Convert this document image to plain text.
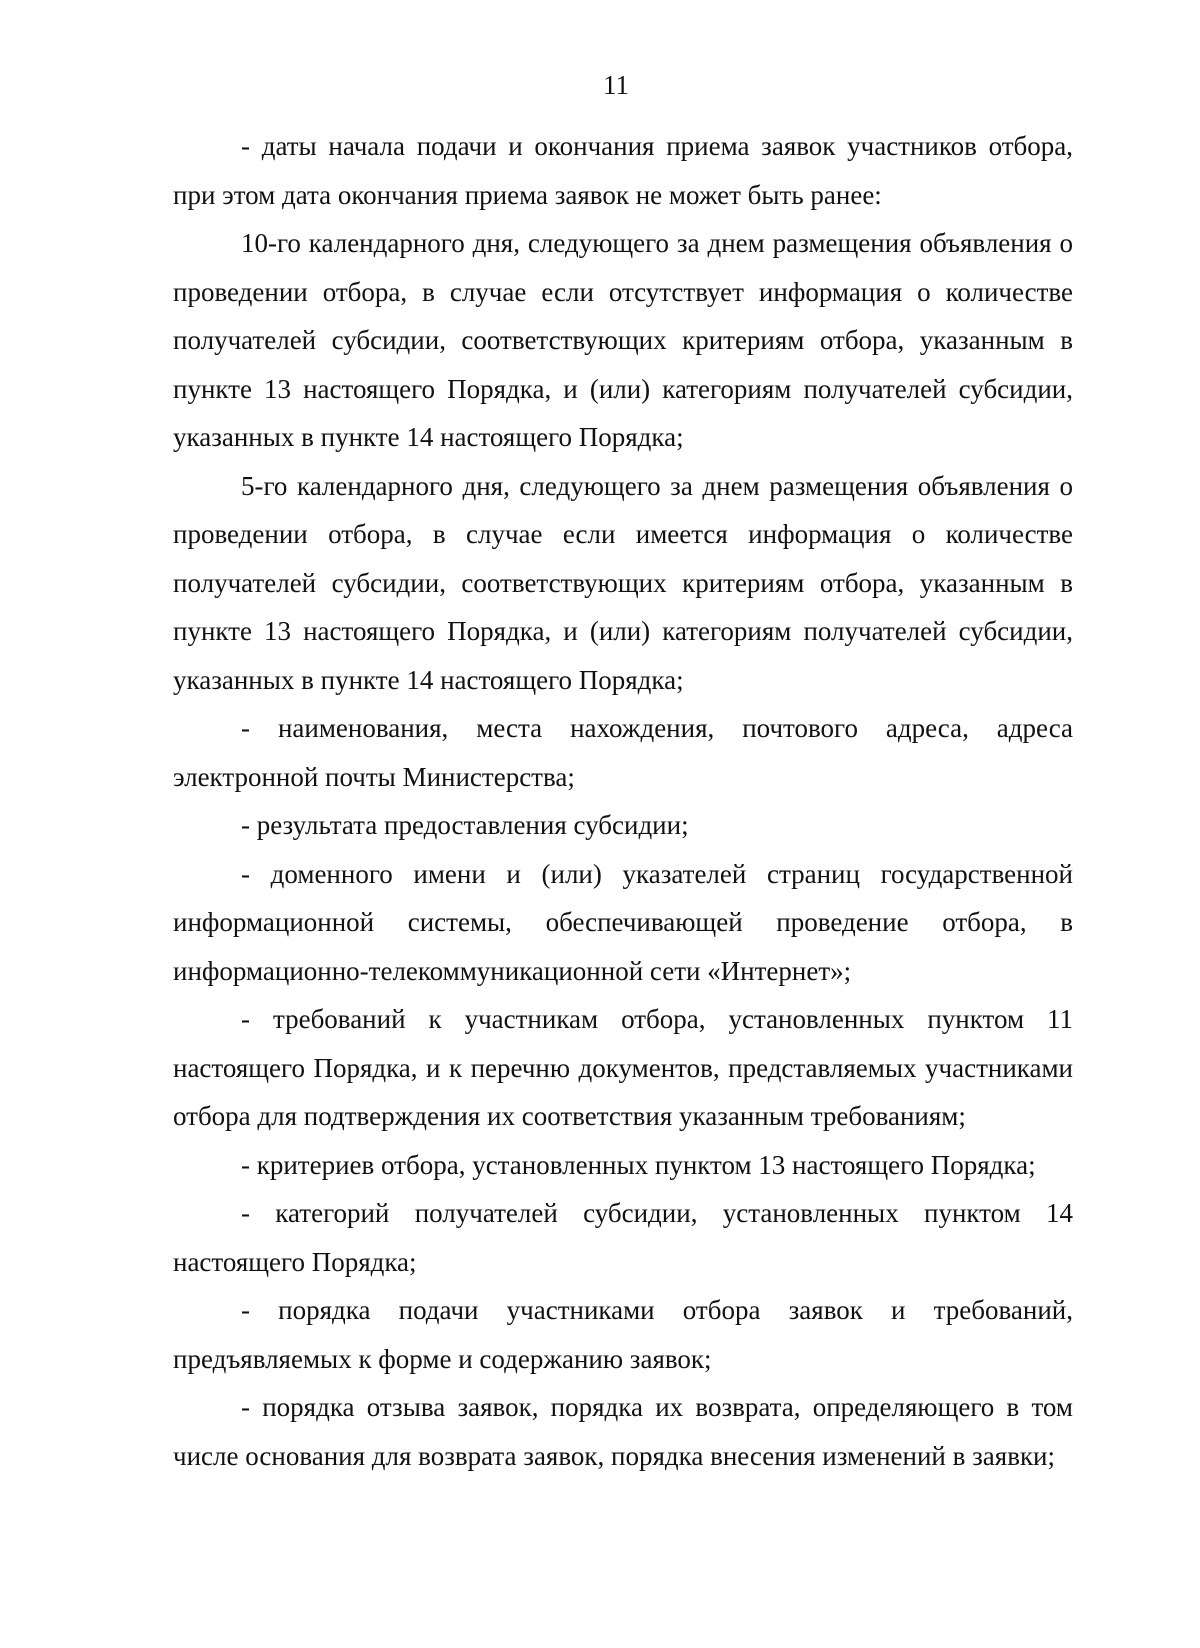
11

- даты начала подачи и окончания приема заявок участников отбора, при этом дата окончания приема заявок не может быть ранее:

10-го календарного дня, следующего за днем размещения объявления о проведении отбора, в случае если отсутствует информация о количестве получателей субсидии, соответствующих критериям отбора, указанным в пункте 13 настоящего Порядка, и (или) категориям получателей субсидии, указанных в пункте 14 настоящего Порядка;

5-го календарного дня, следующего за днем размещения объявления о проведении отбора, в случае если имеется информация о количестве получателей субсидии, соответствующих критериям отбора, указанным в пункте 13 настоящего Порядка, и (или) категориям получателей субсидии, указанных в пункте 14 настоящего Порядка;

- наименования, места нахождения, почтового адреса, адреса электронной почты Министерства;

- результата предоставления субсидии;

- доменного имени и (или) указателей страниц государственной информационной системы, обеспечивающей проведение отбора, в информационно-телекоммуникационной сети «Интернет»;

- требований к участникам отбора, установленных пунктом 11 настоящего Порядка, и к перечню документов, представляемых участниками отбора для подтверждения их соответствия указанным требованиям;

- критериев отбора, установленных пунктом 13 настоящего Порядка;

- категорий получателей субсидии, установленных пунктом 14 настоящего Порядка;

- порядка подачи участниками отбора заявок и требований, предъявляемых к форме и содержанию заявок;

- порядка отзыва заявок, порядка их возврата, определяющего в том числе основания для возврата заявок, порядка внесения изменений в заявки;
